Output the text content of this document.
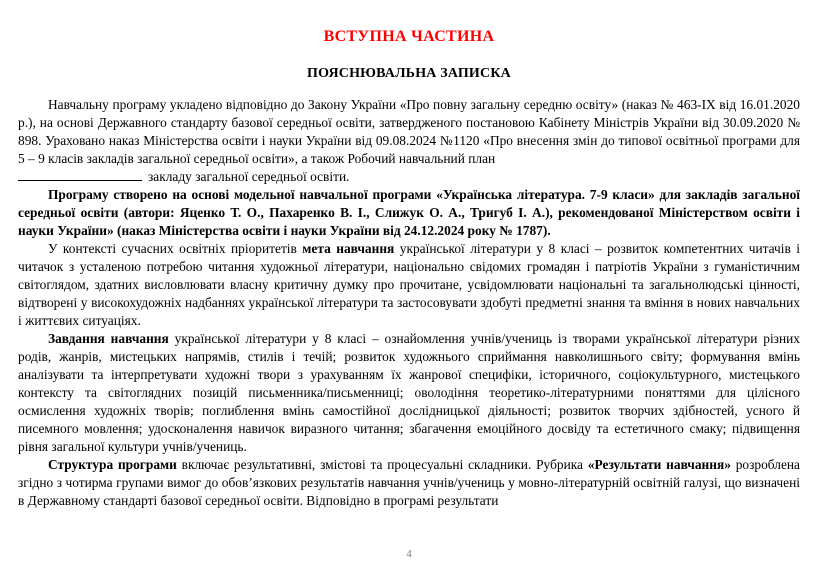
ВСТУПНА ЧАСТИНА
ПОЯСНЮВАЛЬНА ЗАПИСКА

Навчальну програму укладено відповідно до Закону України «Про повну загальну середню освіту» (наказ № 463-IX від 16.01.2020 р.), на основі Державного стандарту базової середньої освіти, затвердженого постановою Кабінету Міністрів України від 30.09.2020 № 898. Ураховано наказ Міністерства освіти і науки України від 09.08.2024 №1120 «Про внесення змін до типової освітньої програми для 5 – 9 класів закладів загальної середньої освіти», а також Робочий навчальний план
закладу загальної середньої освіти.

Програму створено на основі модельної навчальної програми «Українська література. 7-9 класи» для закладів загальної середньої освіти (автори: Яценко Т. О., Пахаренко В. І., Слижук О. А., Тригуб І. А.), рекомендованої Міністерством освіти і науки України» (наказ Міністерства освіти і науки України від 24.12.2024 року № 1787).

У контексті сучасних освітніх пріоритетів мета навчання української літератури у 8 класі – розвиток компетентних читачів і читачок з усталеною потребою читання художньої літератури, національно свідомих громадян і патріотів України з гуманістичним світоглядом, здатних висловлювати власну критичну думку про прочитане, усвідомлювати національні та загальнолюдські цінності, відтворені у високохудожніх надбаннях української літератури та застосовувати здобуті предметні знання та вміння в нових навчальних і життєвих ситуаціях.

Завдання навчання української літератури у 8 класі – ознайомлення учнів/учениць із творами української літератури різних родів, жанрів, мистецьких напрямів, стилів і течій; розвиток художнього сприймання навколишнього світу; формування вмінь аналізувати та інтерпретувати художні твори з урахуванням їх жанрової специфіки, історичного, соціокультурного, мистецького контексту та світоглядних позицій письменника/письменниці; оволодіння теоретико-літературними поняттями для цілісного осмислення художніх творів; поглиблення вмінь самостійної дослідницької діяльності; розвиток творчих здібностей, усного й писемного мовлення; удосконалення навичок виразного читання; збагачення емоційного досвіду та естетичного смаку; підвищення рівня загальної культури учнів/учениць.

Структура програми включає результативні, змістові та процесуальні складники. Рубрика «Результати навчання» розроблена згідно з чотирма групами вимог до обов’язкових результатів навчання учнів/учениць у мовно-літературній освітній галузі, що визначені в Державному стандарті базової середньої освіти. Відповідно в програмі результати

4
